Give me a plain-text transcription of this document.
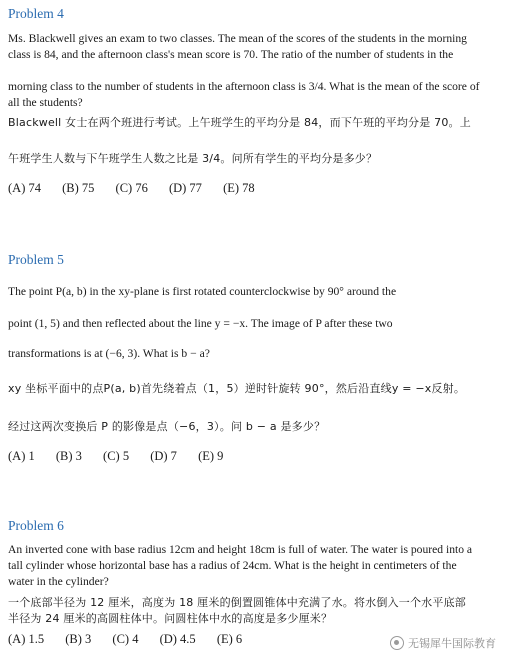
Problem 4
Ms. Blackwell gives an exam to two classes. The mean of the scores of the students in the morning
class is 84, and the afternoon class's mean score is 70. The ratio of the number of students in the
morning class to the number of students in the afternoon class is 3/4. What is the mean of the score of
all the students?
Blackwell 女士在两个班进行考试。上午班学生的平均分是 84，而下午班的平均分是 70。上
午班学生人数与下午班学生人数之比是 3/4。问所有学生的平均分是多少？
(A) 74 (B) 75 (C) 76 (D) 77 (E) 78
Problem 5
The point P(a, b) in the xy-plane is first rotated counterclockwise by 90° around the
point (1, 5) and then reflected about the line y = −x. The image of P after these two
transformations is at (−6, 3). What is b − a?
xy 坐标平面中的点P(a, b)首先绕着点（1，5）逆时针旋转 90°，然后沿直线y = −x反射。
经过这两次变换后 P 的影像是点（−6，3）。问 b − a 是多少？
(A) 1 (B) 3 (C) 5 (D) 7 (E) 9
Problem 6
An inverted cone with base radius 12cm and height 18cm is full of water. The water is poured into a
tall cylinder whose horizontal base has a radius of 24cm. What is the height in centimeters of the
water in the cylinder?
一个底部半径为 12 厘米，高度为 18 厘米的倒置圆锥体中充满了水。将水倒入一个水平底部
半径为 24 厘米的高圆柱体中。问圆柱体中水的高度是多少厘米？
(A) 1.5 (B) 3 (C) 4 (D) 4.5 (E) 6	无锡犀牛国际教育
